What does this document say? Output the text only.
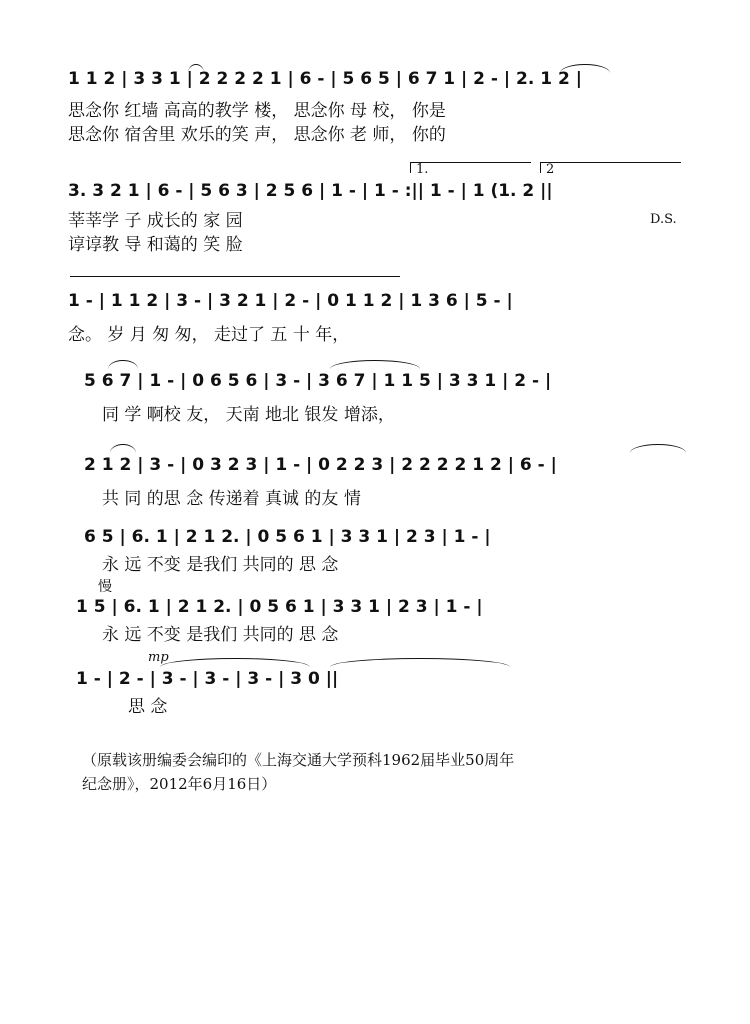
1 1 2 | 3 3 1 | 2 2 2 2 1 | 6 - | 5 6 5 | 6 7 1 | 2 - | 2. 1 2 |
思念你 红墙 高高的教学 楼， 思念你 母 校， 你是
思念你 宿舍里 欢乐的笑 声， 思念你 老 师， 你的
1.	2
3. 3 2 1 | 6 - | 5 6 3 | 2 5 6 | 1 - | 1 - :|| 1 - | 1 (1. 2 ||
莘莘学 子 成长的 家 园	D.S.
谆谆教 导 和蔼的 笑 脸
1 - | 1 1 2 | 3 - | 3 2 1 | 2 - | 0 1 1 2 | 1 3 6 | 5 - |
念。 岁 月 匆 匆， 走过了 五 十 年，
5 6 7 | 1 - | 0 6 5 6 | 3 - | 3 6 7 | 1 1 5 | 3 3 1 | 2 - |
同 学 啊校 友， 天南 地北 银发 增添，
2 1 2 | 3 - | 0 3 2 3 | 1 - | 0 2 2 3 | 2 2 2 2 1 2 | 6 - |
共 同 的思 念 传递着 真诚 的友 情
6 5 | 6. 1 | 2 1 2. | 0 5 6 1 | 3 3 1 | 2 3 | 1 - |
永 远 不变 是我们 共同的 思 念
慢
1 5 | 6. 1 | 2 1 2. | 0 5 6 1 | 3 3 1 | 2 3 | 1 - |
永 远 不变 是我们 共同的 思 念
mp
1 - | 2 - | 3 - | 3 - | 3 - | 3 0 ||
思 念
（原载该册编委会编印的《上海交通大学预科1962届毕业50周年
纪念册》，2012年6月16日）
